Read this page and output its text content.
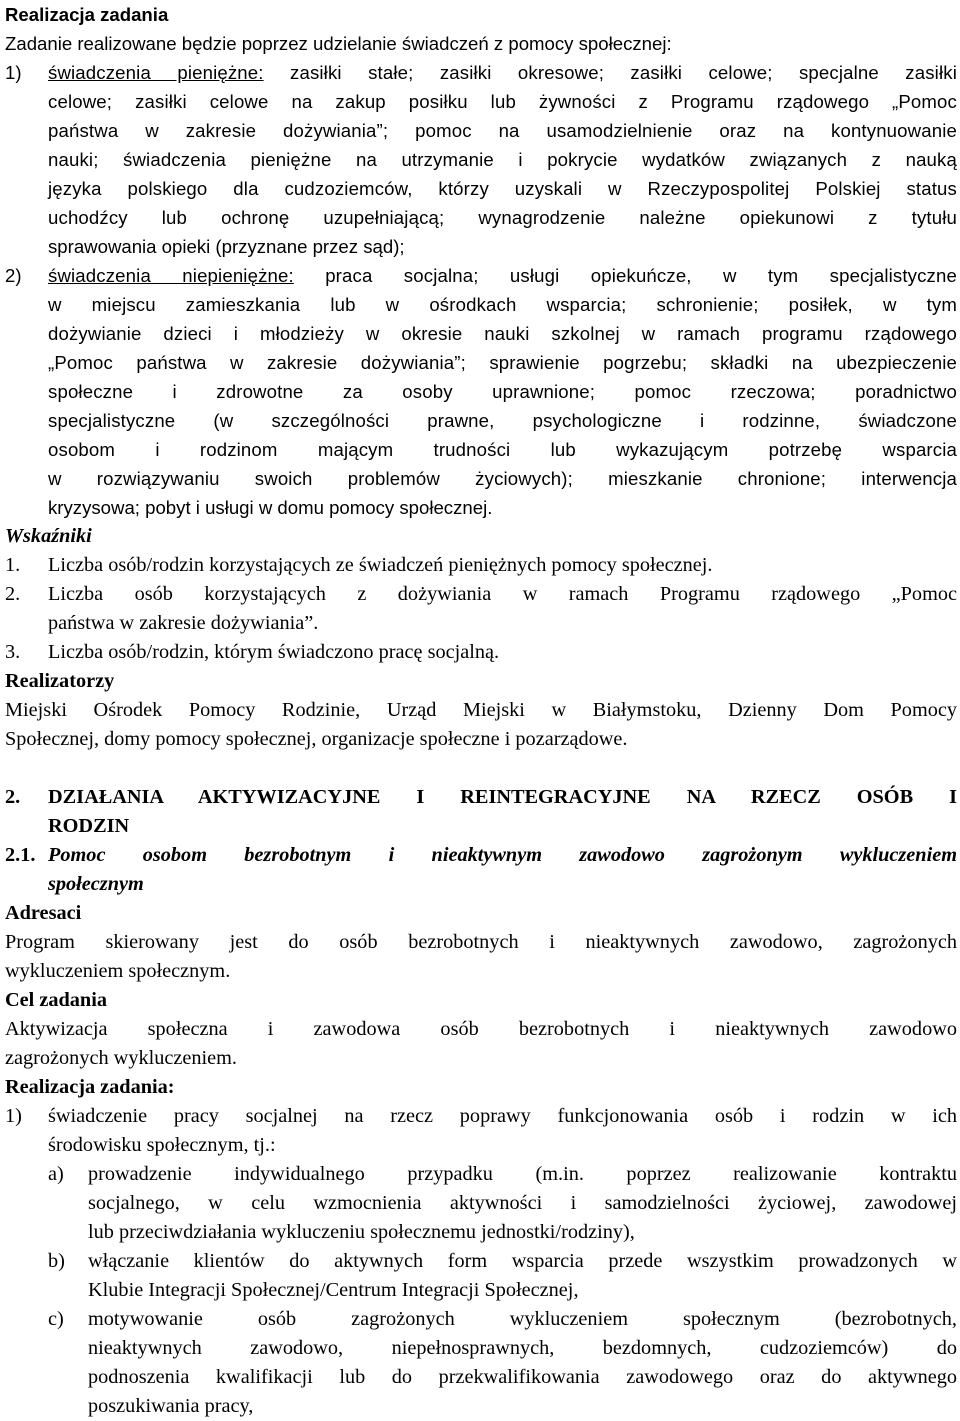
Realizacja zadania
Zadanie realizowane będzie poprzez udzielanie świadczeń z pomocy społecznej:
1) świadczenia pieniężne: zasiłki stałe; zasiłki okresowe; zasiłki celowe; specjalne zasiłki
celowe; zasiłki celowe na zakup posiłku lub żywności z Programu rządowego „Pomoc
państwa w zakresie dożywiania”; pomoc na usamodzielnienie oraz na kontynuowanie
nauki; świadczenia pieniężne na utrzymanie i pokrycie wydatków związanych z nauką
języka polskiego dla cudzoziemców, którzy uzyskali w Rzeczypospolitej Polskiej status
uchodźcy lub ochronę uzupełniającą; wynagrodzenie należne opiekunowi z tytułu
sprawowania opieki (przyznane przez sąd);
2) świadczenia niepieniężne: praca socjalna; usługi opiekuńcze, w tym specjalistyczne
w miejscu zamieszkania lub w ośrodkach wsparcia; schronienie; posiłek, w tym
dożywianie dzieci i młodzieży w okresie nauki szkolnej w ramach programu rządowego
„Pomoc państwa w zakresie dożywiania”; sprawienie pogrzebu; składki na ubezpieczenie
społeczne i zdrowotne za osoby uprawnione; pomoc rzeczowa; poradnictwo
specjalistyczne (w szczególności prawne, psychologiczne i rodzinne, świadczone
osobom i rodzinom mającym trudności lub wykazującym potrzebę wsparcia
w rozwiązywaniu swoich problemów życiowych); mieszkanie chronione; interwencja
kryzysowa; pobyt i usługi w domu pomocy społecznej.
Wskaźniki
1. Liczba osób/rodzin korzystających ze świadczeń pieniężnych pomocy społecznej.
2. Liczba osób korzystających z dożywiania w ramach Programu rządowego „Pomoc
państwa w zakresie dożywiania”.
3. Liczba osób/rodzin, którym świadczono pracę socjalną.
Realizatorzy
Miejski Ośrodek Pomocy Rodzinie, Urząd Miejski w Białymstoku, Dzienny Dom Pomocy
Społecznej, domy pomocy społecznej, organizacje społeczne i pozarządowe.
2. DZIAŁANIA AKTYWIZACYJNE I REINTEGRACYJNE NA RZECZ OSÓB I
RODZIN
2.1. Pomoc osobom bezrobotnym i nieaktywnym zawodowo zagrożonym wykluczeniem
społecznym
Adresaci
Program skierowany jest do osób bezrobotnych i nieaktywnych zawodowo, zagrożonych
wykluczeniem społecznym.
Cel zadania
Aktywizacja społeczna i zawodowa osób bezrobotnych i nieaktywnych zawodowo
zagrożonych wykluczeniem.
Realizacja zadania:
1) świadczenie pracy socjalnej na rzecz poprawy funkcjonowania osób i rodzin w ich
środowisku społecznym, tj.:
a) prowadzenie indywidualnego przypadku (m.in. poprzez realizowanie kontraktu
socjalnego, w celu wzmocnienia aktywności i samodzielności życiowej, zawodowej
lub przeciwdziałania wykluczeniu społecznemu jednostki/rodziny),
b) włączanie klientów do aktywnych form wsparcia przede wszystkim prowadzonych w
Klubie Integracji Społecznej/Centrum Integracji Społecznej,
c) motywowanie osób zagrożonych wykluczeniem społecznym (bezrobotnych,
nieaktywnych zawodowo, niepełnosprawnych, bezdomnych, cudzoziemców) do
podnoszenia kwalifikacji lub do przekwalifikowania zawodowego oraz do aktywnego
poszukiwania pracy,
